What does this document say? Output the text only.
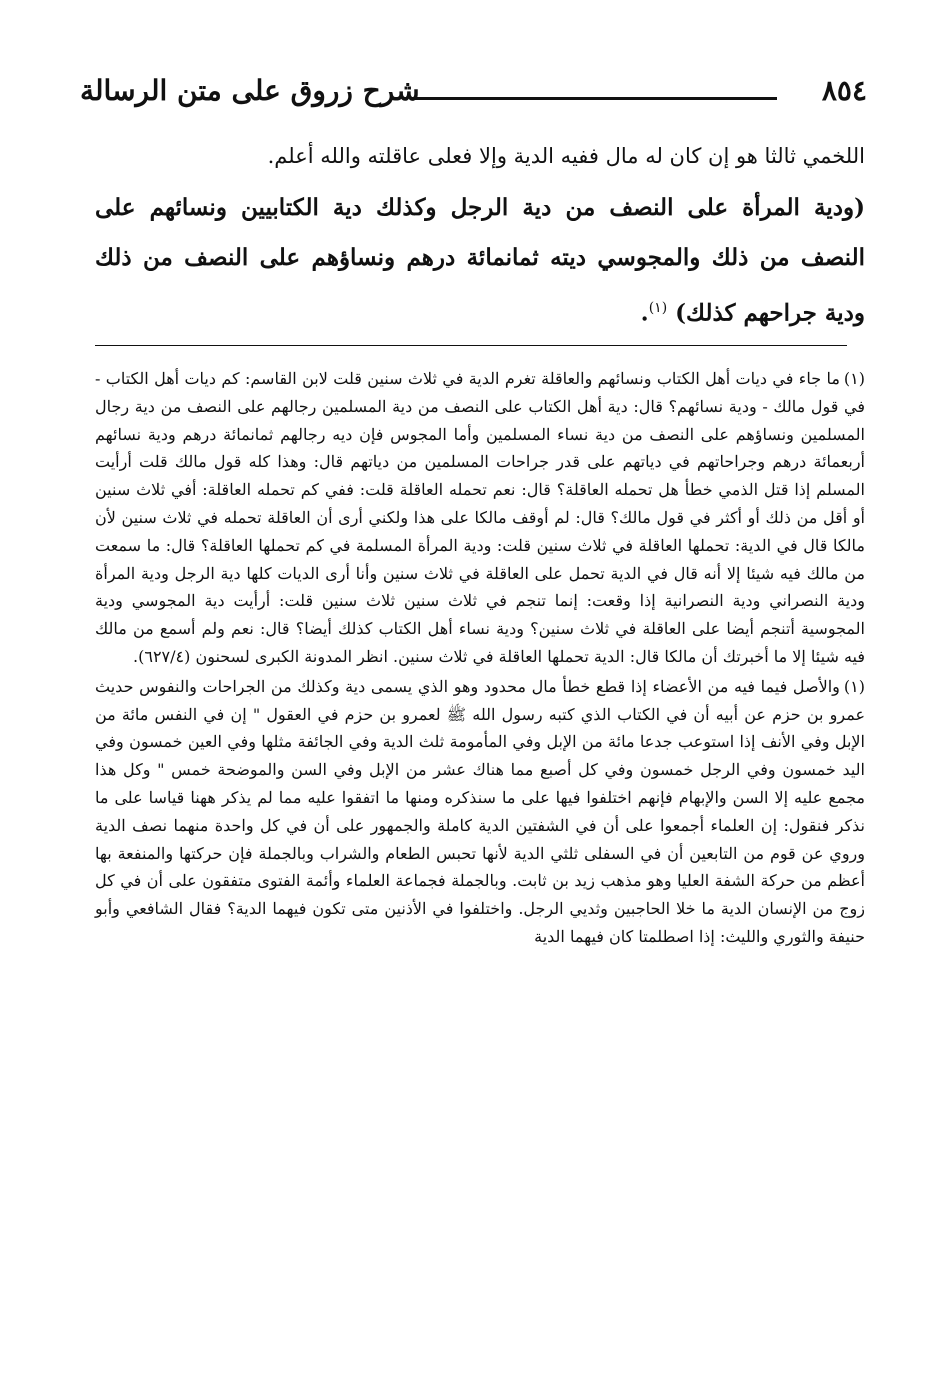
٨٥٤
شرح زروق على متن الرسالة

اللخمي ثالثا هو إن كان له مال ففيه الدية وإلا فعلى عاقلته والله أعلم.

(ودية المرأة على النصف من دية الرجل وكذلك دية الكتابيين ونسائهم على النصف من ذلك والمجوسي ديته ثمانمائة درهم ونساؤهم على النصف من ذلك ودية جراحهم كذلك) $^{(١)}$.

(١)ما جاء في ديات أهل الكتاب ونسائهم والعاقلة تغرم الدية في ثلاث سنين قلت لابن القاسم: كم ديات أهل الكتاب - في قول مالك - ودية نسائهم؟ قال: دية أهل الكتاب على النصف من دية المسلمين رجالهم على النصف من دية رجال المسلمين ونساؤهم على النصف من دية نساء المسلمين وأما المجوس فإن ديه رجالهم ثمانمائة درهم ودية نسائهم أربعمائة درهم وجراحاتهم في دياتهم على قدر جراحات المسلمين من دياتهم قال: وهذا كله قول مالك قلت أرأيت المسلم إذا قتل الذمي خطأ هل تحمله العاقلة؟ قال: نعم تحمله العاقلة قلت: ففي كم تحمله العاقلة: أفي ثلاث سنين أو أقل من ذلك أو أكثر في قول مالك؟ قال: لم أوقف مالكا على هذا ولكني أرى أن العاقلة تحمله في ثلاث سنين لأن مالكا قال في الدية: تحملها العاقلة في ثلاث سنين قلت: ودية المرأة المسلمة في كم تحملها العاقلة؟ قال: ما سمعت من مالك فيه شيئا إلا أنه قال في الدية تحمل على العاقلة في ثلاث سنين وأنا أرى الديات كلها دية الرجل ودية المرأة ودية النصراني ودية النصرانية إذا وقعت: إنما تنجم في ثلاث سنين ثلاث سنين قلت: أرأيت دية المجوسي ودية المجوسية أتنجم أيضا على العاقلة في ثلاث سنين؟ ودية نساء أهل الكتاب كذلك أيضا؟ قال: نعم ولم أسمع من مالك فيه شيئا إلا ما أخبرتك أن مالكا قال: الدية تحملها العاقلة في ثلاث سنين. انظر المدونة الكبرى لسحنون (٦٢٧/٤).

(١)والأصل فيما فيه من الأعضاء إذا قطع خطأ مال محدود وهو الذي يسمى دية وكذلك من الجراحات والنفوس حديث عمرو بن حزم عن أبيه أن في الكتاب الذي كتبه رسول الله ﷺ لعمرو بن حزم في العقول " إن في النفس مائة من الإبل وفي الأنف إذا استوعب جدعا مائة من الإبل وفي المأمومة ثلث الدية وفي الجائفة مثلها وفي العين خمسون وفي اليد خمسون وفي الرجل خمسون وفي كل أصبع مما هناك عشر من الإبل وفي السن والموضحة خمس " وكل هذا مجمع عليه إلا السن والإبهام فإنهم اختلفوا فيها على ما سنذكره ومنها ما اتفقوا عليه مما لم يذكر ههنا قياسا على ما نذكر فنقول: إن العلماء أجمعوا على أن في الشفتين الدية كاملة والجمهور على أن في كل واحدة منهما نصف الدية وروي عن قوم من التابعين أن في السفلى ثلثي الدية لأنها تحبس الطعام والشراب وبالجملة فإن حركتها والمنفعة بها أعظم من حركة الشفة العليا وهو مذهب زيد بن ثابت. وبالجملة فجماعة العلماء وأئمة الفتوى متفقون على أن في كل زوج من الإنسان الدية ما خلا الحاجبين وثديي الرجل. واختلفوا في الأذنين متى تكون فيهما الدية؟ فقال الشافعي وأبو حنيفة والثوري والليث: إذا اصطلمتا كان فيهما الدية
